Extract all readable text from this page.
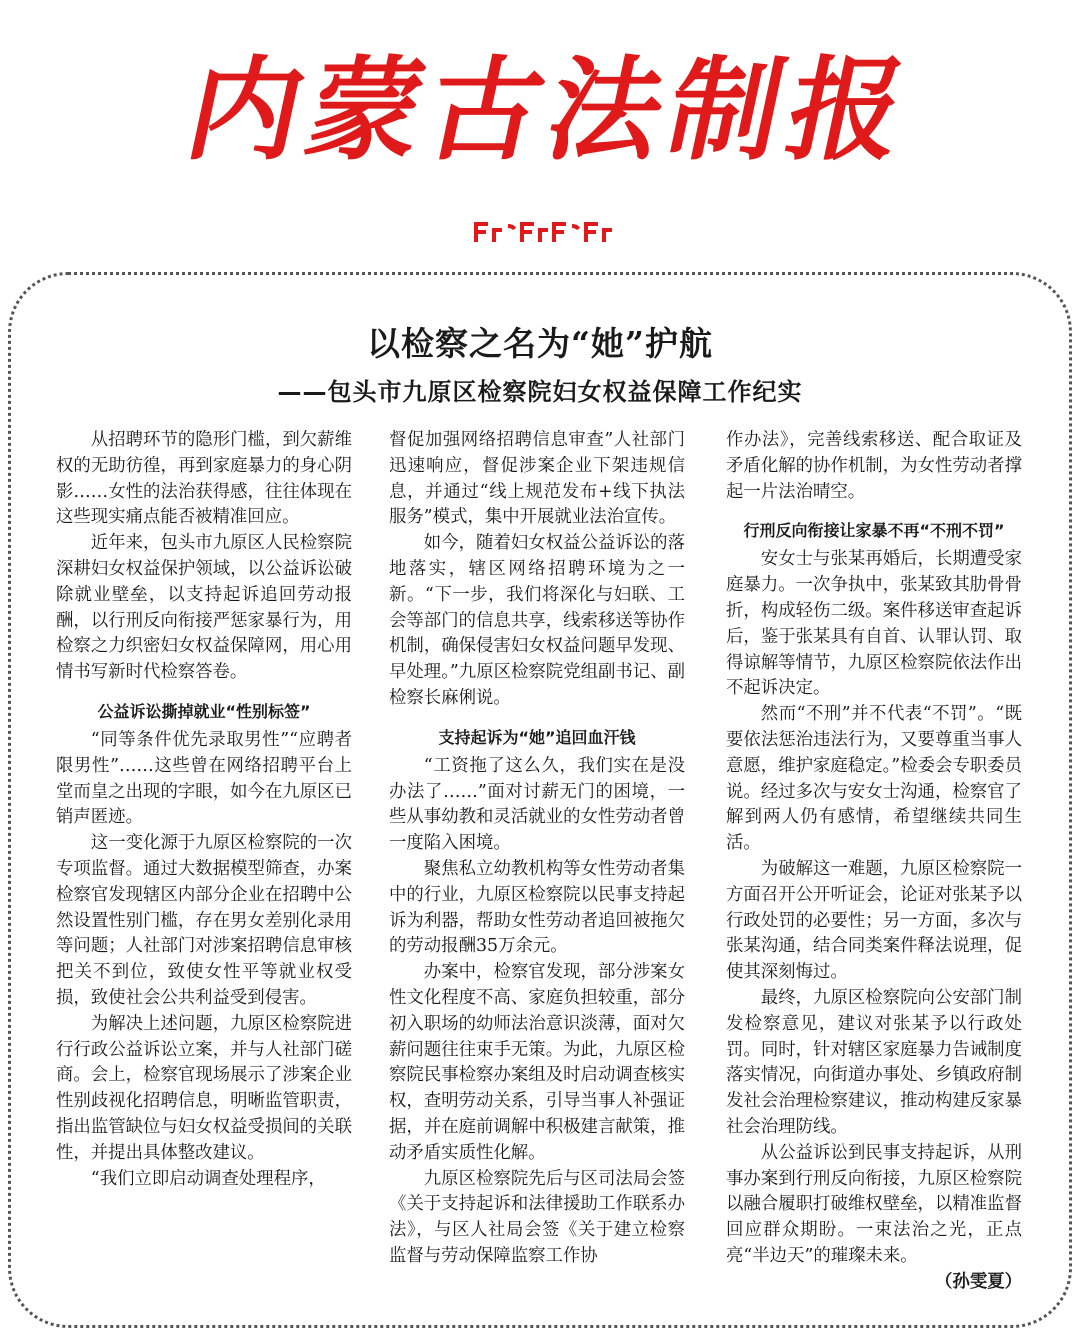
内蒙古法制报
以检察之名为“她”护航
——包头市九原区检察院妇女权益保障工作纪实

从招聘环节的隐形门槛，到欠薪维权的无助彷徨，再到家庭暴力的身心阴影……女性的法治获得感，往往体现在这些现实痛点能否被精准回应。

近年来，包头市九原区人民检察院深耕妇女权益保护领域，以公益诉讼破除就业壁垒，以支持起诉追回劳动报酬，以行刑反向衔接严惩家暴行为，用检察之力织密妇女权益保障网，用心用情书写新时代检察答卷。

公益诉讼撕掉就业“性别标签”

“同等条件优先录取男性”“应聘者限男性”……这些曾在网络招聘平台上堂而皇之出现的字眼，如今在九原区已销声匿迹。

这一变化源于九原区检察院的一次专项监督。通过大数据模型筛查，办案检察官发现辖区内部分企业在招聘中公然设置性别门槛，存在男女差别化录用等问题；人社部门对涉案招聘信息审核把关不到位，致使女性平等就业权受损，致使社会公共利益受到侵害。

为解决上述问题，九原区检察院进行行政公益诉讼立案，并与人社部门磋商。会上，检察官现场展示了涉案企业性别歧视化招聘信息，明晰监管职责，指出监管缺位与妇女权益受损间的关联性，并提出具体整改建议。

“我们立即启动调查处理程序，

督促加强网络招聘信息审查”人社部门迅速响应，督促涉案企业下架违规信息，并通过“线上规范发布+线下执法服务”模式，集中开展就业法治宣传。

如今，随着妇女权益公益诉讼的落地落实，辖区网络招聘环境为之一新。“下一步，我们将深化与妇联、工会等部门的信息共享，线索移送等协作机制，确保侵害妇女权益问题早发现、早处理。”九原区检察院党组副书记、副检察长麻俐说。

支持起诉为“她”追回血汗钱

“工资拖了这么久，我们实在是没办法了……”面对讨薪无门的困境，一些从事幼教和灵活就业的女性劳动者曾一度陷入困境。

聚焦私立幼教机构等女性劳动者集中的行业，九原区检察院以民事支持起诉为利器，帮助女性劳动者追回被拖欠的劳动报酬35万余元。

办案中，检察官发现，部分涉案女性文化程度不高、家庭负担较重，部分初入职场的幼师法治意识淡薄，面对欠薪问题往往束手无策。为此，九原区检察院民事检察办案组及时启动调查核实权，查明劳动关系，引导当事人补强证据，并在庭前调解中积极建言献策，推动矛盾实质性化解。

九原区检察院先后与区司法局会签《关于支持起诉和法律援助工作联系办法》，与区人社局会签《关于建立检察监督与劳动保障监察工作协

作办法》，完善线索移送、配合取证及矛盾化解的协作机制，为女性劳动者撑起一片法治晴空。

行刑反向衔接让家暴不再“不刑不罚”

安女士与张某再婚后，长期遭受家庭暴力。一次争执中，张某致其肋骨骨折，构成轻伤二级。案件移送审查起诉后，鉴于张某具有自首、认罪认罚、取得谅解等情节，九原区检察院依法作出不起诉决定。

然而“不刑”并不代表“不罚”。“既要依法惩治违法行为，又要尊重当事人意愿，维护家庭稳定。”检委会专职委员说。经过多次与安女士沟通，检察官了解到两人仍有感情，希望继续共同生活。

为破解这一难题，九原区检察院一方面召开公开听证会，论证对张某予以行政处罚的必要性；另一方面，多次与张某沟通，结合同类案件释法说理，促使其深刻悔过。

最终，九原区检察院向公安部门制发检察意见，建议对张某予以行政处罚。同时，针对辖区家庭暴力告诫制度落实情况，向街道办事处、乡镇政府制发社会治理检察建议，推动构建反家暴社会治理防线。

从公益诉讼到民事支持起诉，从刑事办案到行刑反向衔接，九原区检察院以融合履职打破维权壁垒，以精准监督回应群众期盼。一束法治之光，正点亮“半边天”的璀璨未来。

（孙雯夏）
